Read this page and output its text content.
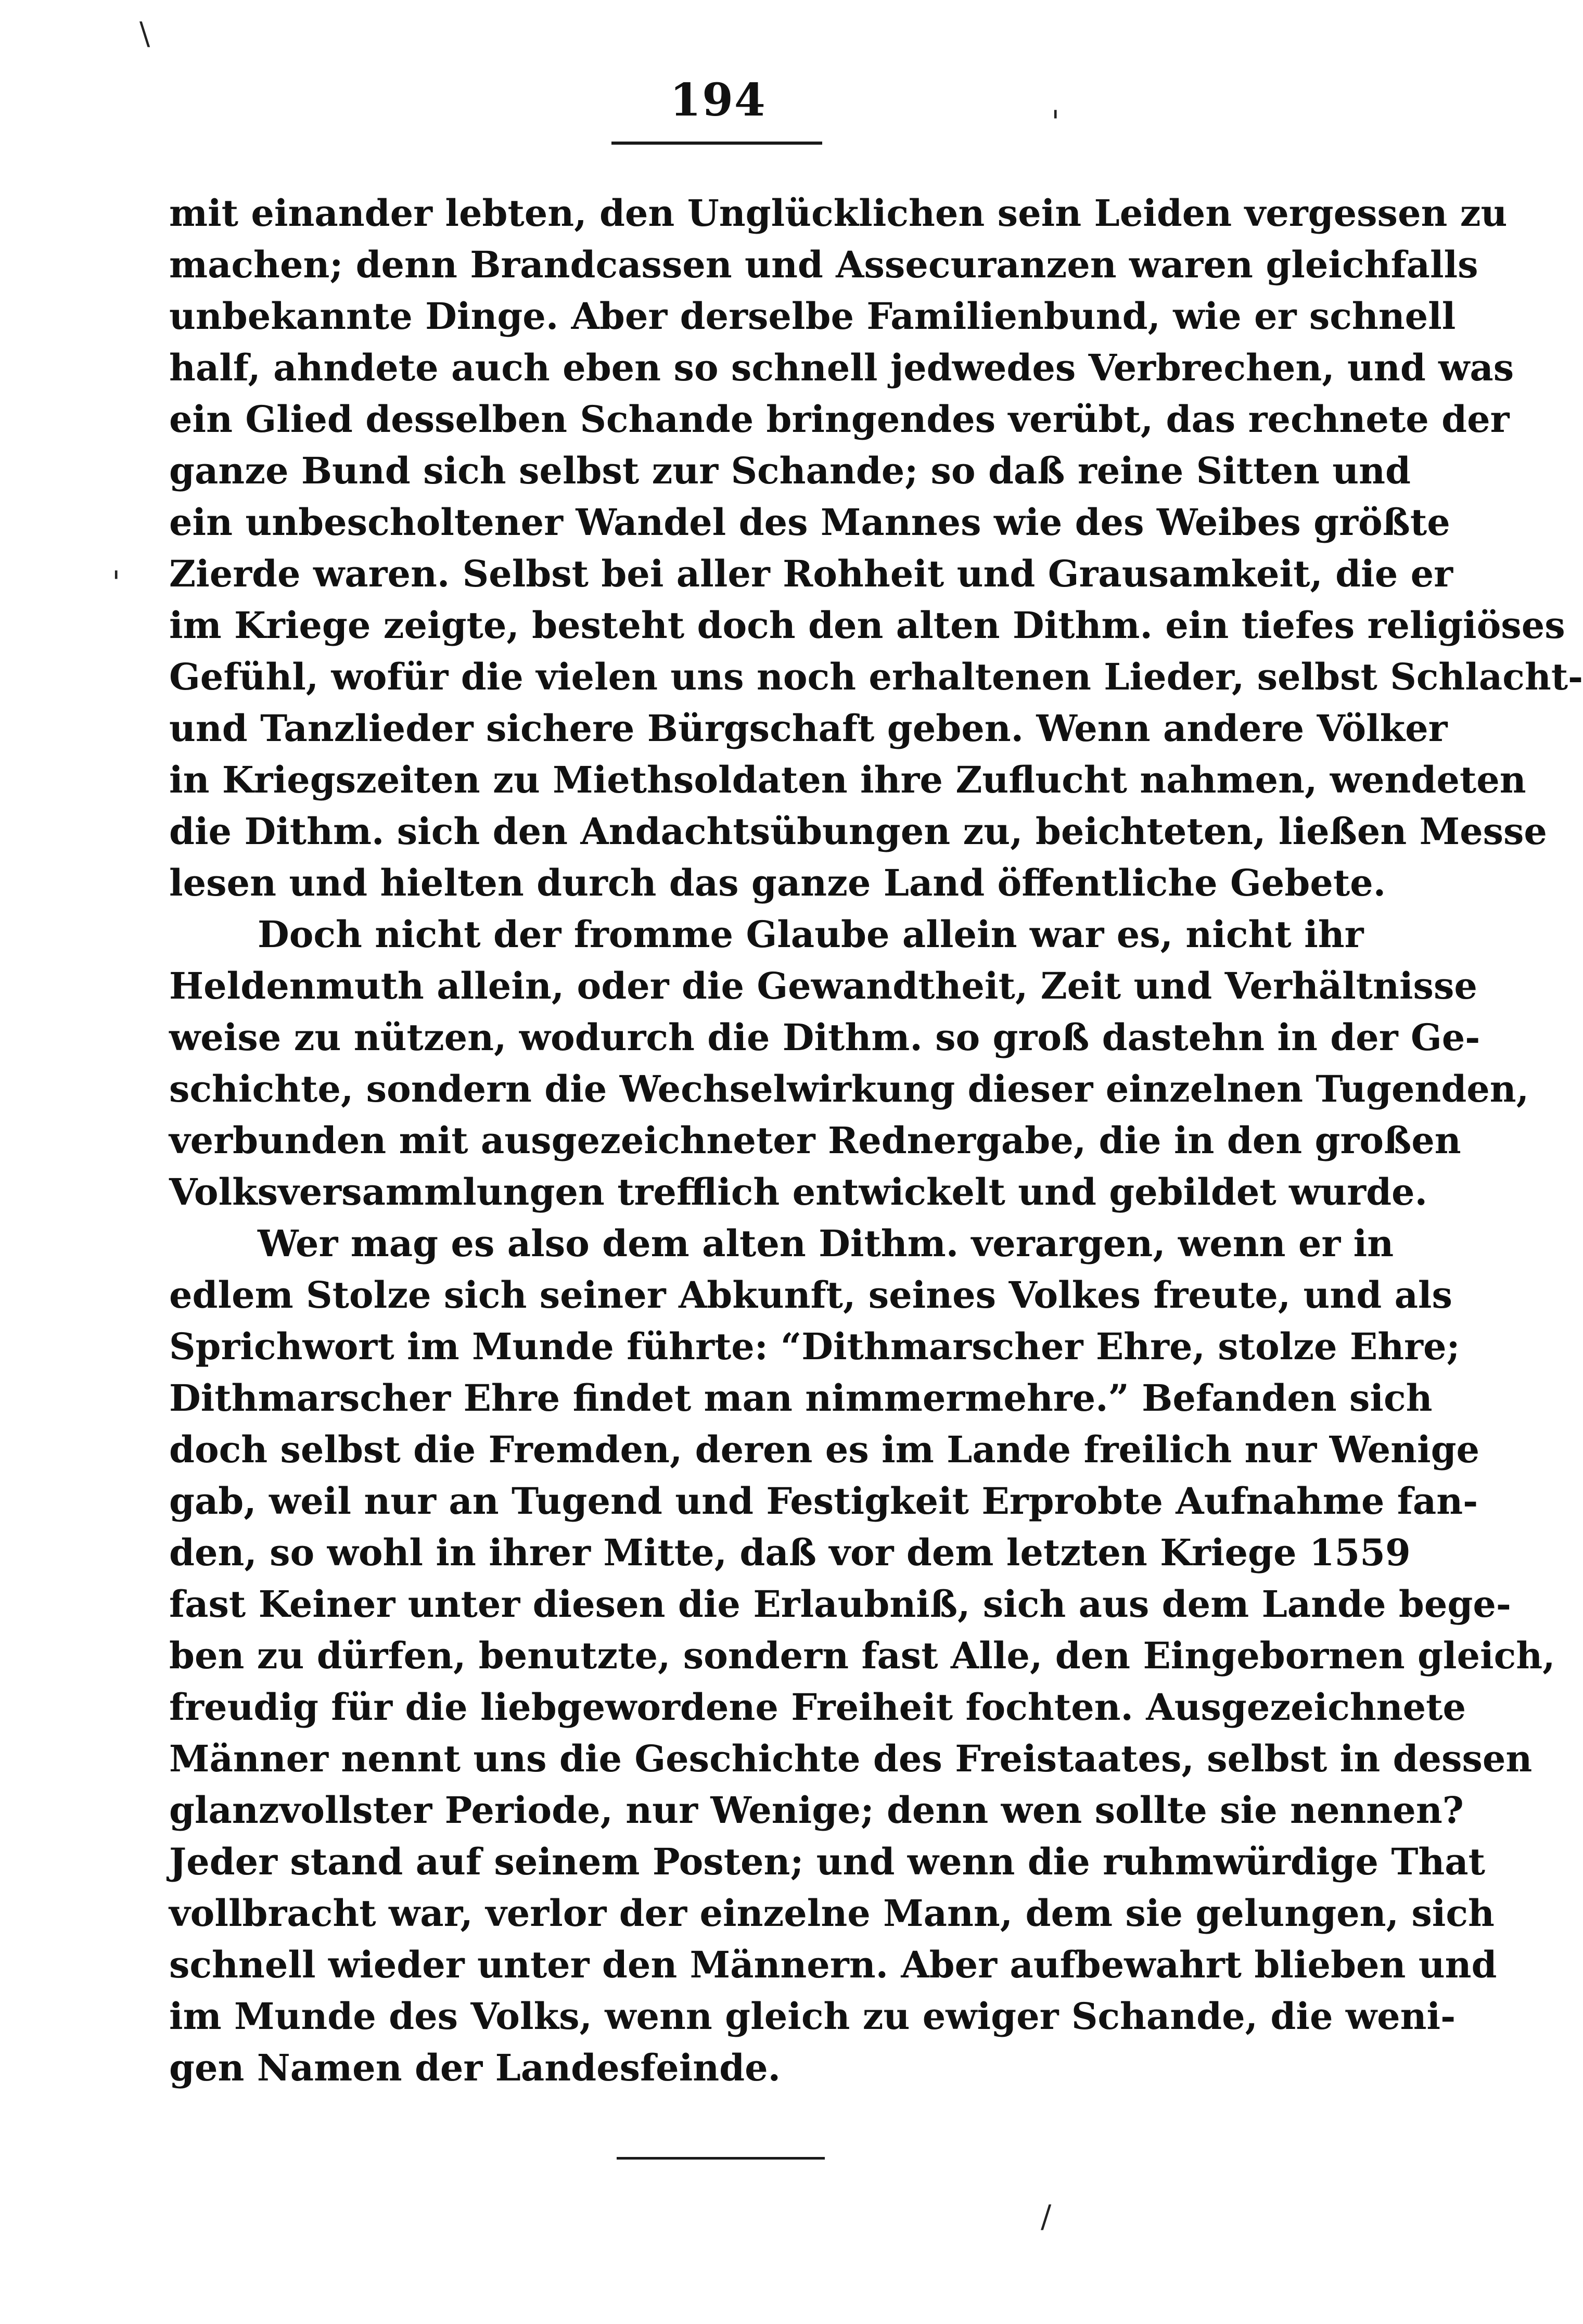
194
mit einander lebten, den Unglücklichen sein Leiden vergessen zu
machen; denn Brandcassen und Assecuranzen waren gleichfalls
unbekannte Dinge. Aber derselbe Familienbund, wie er schnell
half, ahndete auch eben so schnell jedwedes Verbrechen, und was
ein Glied desselben Schande bringendes verübt, das rechnete der
ganze Bund sich selbst zur Schande; so daß reine Sitten und
ein unbescholtener Wandel des Mannes wie des Weibes größte
Zierde waren. Selbst bei aller Rohheit und Grausamkeit, die er
im Kriege zeigte, besteht doch den alten Dithm. ein tiefes religiöses
Gefühl, wofür die vielen uns noch erhaltenen Lieder, selbst Schlacht-
und Tanzlieder sichere Bürgschaft geben. Wenn andere Völker
in Kriegszeiten zu Miethsoldaten ihre Zuflucht nahmen, wendeten
die Dithm. sich den Andachtsübungen zu, beichteten, ließen Messe
lesen und hielten durch das ganze Land öffentliche Gebete.
Doch nicht der fromme Glaube allein war es, nicht ihr
Heldenmuth allein, oder die Gewandtheit, Zeit und Verhältnisse
weise zu nützen, wodurch die Dithm. so groß dastehn in der Ge-
schichte, sondern die Wechselwirkung dieser einzelnen Tugenden,
verbunden mit ausgezeichneter Rednergabe, die in den großen
Volksversammlungen trefflich entwickelt und gebildet wurde.
Wer mag es also dem alten Dithm. verargen, wenn er in
edlem Stolze sich seiner Abkunft, seines Volkes freute, und als
Sprichwort im Munde führte: “Dithmarscher Ehre, stolze Ehre;
Dithmarscher Ehre findet man nimmermehre.” Befanden sich
doch selbst die Fremden, deren es im Lande freilich nur Wenige
gab, weil nur an Tugend und Festigkeit Erprobte Aufnahme fan-
den, so wohl in ihrer Mitte, daß vor dem letzten Kriege 1559
fast Keiner unter diesen die Erlaubniß, sich aus dem Lande bege-
ben zu dürfen, benutzte, sondern fast Alle, den Eingebornen gleich,
freudig für die liebgewordene Freiheit fochten. Ausgezeichnete
Männer nennt uns die Geschichte des Freistaates, selbst in dessen
glanzvollster Periode, nur Wenige; denn wen sollte sie nennen?
Jeder stand auf seinem Posten; und wenn die ruhmwürdige That
vollbracht war, verlor der einzelne Mann, dem sie gelungen, sich
schnell wieder unter den Männern. Aber aufbewahrt blieben und
im Munde des Volks, wenn gleich zu ewiger Schande, die weni-
gen Namen der Landesfeinde.
\
'
'
/
